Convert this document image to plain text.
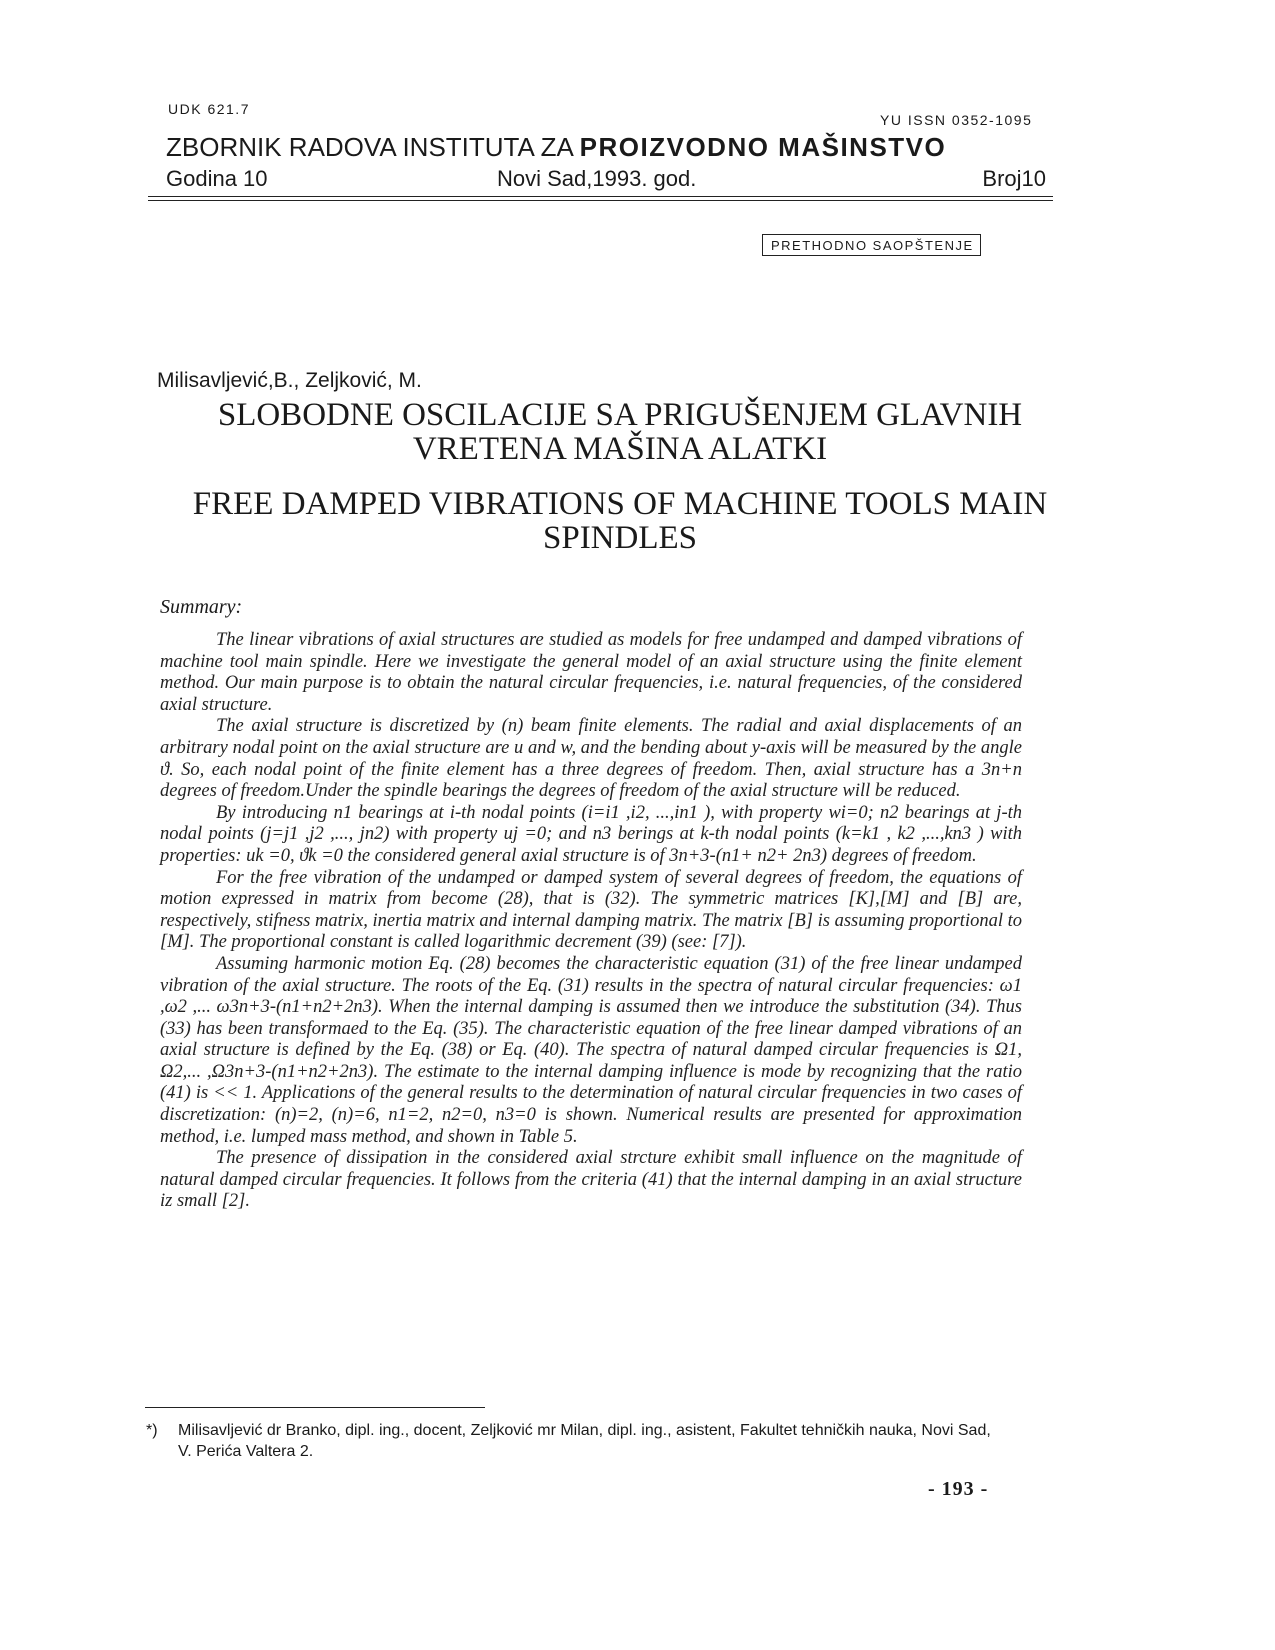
UDK 621.7
YU ISSN 0352-1095
ZBORNIK RADOVA INSTITUTA ZA PROIZVODNO MAŠINSTVO
Godina 10	Novi Sad,1993. god.	Broj10
PRETHODNO SAOPŠTENJE
Milisavljević,B., Zeljković, M.
SLOBODNE OSCILACIJE SA PRIGUŠENJEM GLAVNIH VRETENA MAŠINA ALATKI
FREE DAMPED VIBRATIONS OF MACHINE TOOLS MAIN SPINDLES
Summary:

The linear vibrations of axial structures are studied as models for free undamped and damped vibrations of machine tool main spindle. Here we investigate the general model of an axial structure using the finite element method. Our main purpose is to obtain the natural circular frequencies, i.e. natural frequencies, of the considered axial structure.

The axial structure is discretized by (n) beam finite elements. The radial and axial displacements of an arbitrary nodal point on the axial structure are u and w, and the bending about y-axis will be measured by the angle ϑ. So, each nodal point of the finite element has a three degrees of freedom. Then, axial structure has a 3n+n degrees of freedom.Under the spindle bearings the degrees of freedom of the axial structure will be reduced.

By introducing n1 bearings at i-th nodal points (i=i1 ,i2, ...,in1 ), with property wi=0; n2 bearings at j-th nodal points (j=j1 ,j2 ,..., jn2) with property uj =0; and n3 berings at k-th nodal points (k=k1 , k2 ,...,kn3 ) with properties: uk =0, ϑk =0 the considered general axial structure is of 3n+3-(n1+ n2+ 2n3) degrees of freedom.

For the free vibration of the undamped or damped system of several degrees of freedom, the equations of motion expressed in matrix from become (28), that is (32). The symmetric matrices [K],[M] and [B] are, respectively, stifness matrix, inertia matrix and internal damping matrix. The matrix [B] is assuming proportional to [M]. The proportional constant is called logarithmic decrement (39) (see: [7]).

Assuming harmonic motion Eq. (28) becomes the characteristic equation (31) of the free linear undamped vibration of the axial structure. The roots of the Eq. (31) results in the spectra of natural circular frequencies: ω1 ,ω2 ,... ω3n+3-(n1+n2+2n3). When the internal damping is assumed then we introduce the substitution (34). Thus (33) has been transformaed to the Eq. (35). The characteristic equation of the free linear damped vibrations of an axial structure is defined by the Eq. (38) or Eq. (40). The spectra of natural damped circular frequencies is Ω1, Ω2,... ,Ω3n+3-(n1+n2+2n3). The estimate to the internal damping influence is mode by recognizing that the ratio (41) is << 1. Applications of the general results to the determination of natural circular frequencies in two cases of discretization: (n)=2, (n)=6, n1=2, n2=0, n3=0 is shown. Numerical results are presented for approximation method, i.e. lumped mass method, and shown in Table 5.

The presence of dissipation in the considered axial strcture exhibit small influence on the magnitude of natural damped circular frequencies. It follows from the criteria (41) that the internal damping in an axial structure iz small [2].

*) Milisavljević dr Branko, dipl. ing., docent, Zeljković mr Milan, dipl. ing., asistent, Fakultet tehničkih nauka, Novi Sad, V. Perića Valtera 2.
- 193 -
